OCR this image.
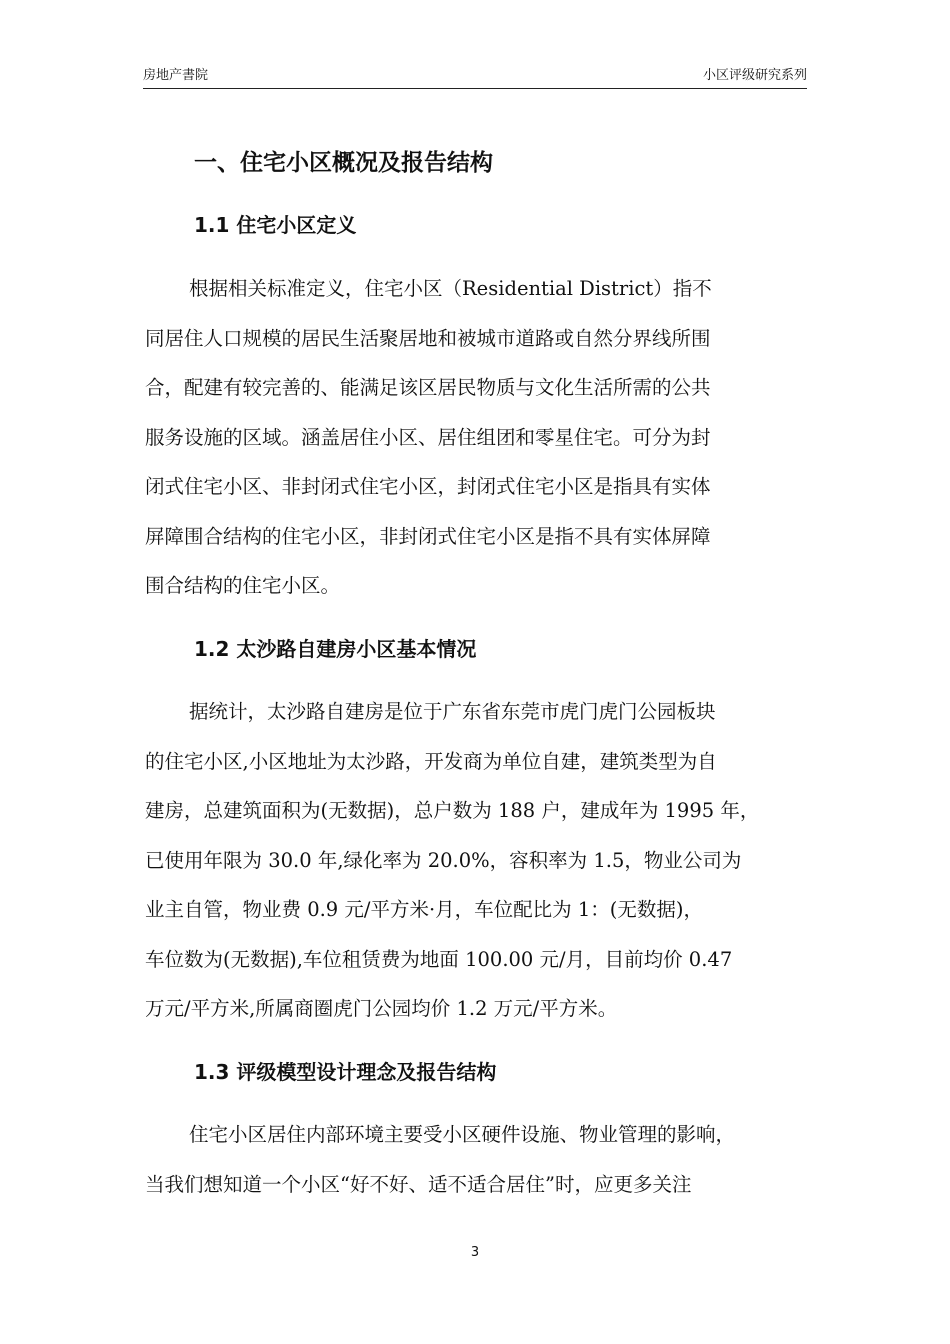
房地产書院	小区评级研究系列
一、住宅小区概况及报告结构
1.1 住宅小区定义
根据相关标准定义，住宅小区（Residential District）指不
同居住人口规模的居民生活聚居地和被城市道路或自然分界线所围
合，配建有较完善的、能满足该区居民物质与文化生活所需的公共
服务设施的区域。涵盖居住小区、居住组团和零星住宅。可分为封
闭式住宅小区、非封闭式住宅小区，封闭式住宅小区是指具有实体
屏障围合结构的住宅小区，非封闭式住宅小区是指不具有实体屏障
围合结构的住宅小区。
1.2 太沙路自建房小区基本情况
据统计，太沙路自建房是位于广东省东莞市虎门虎门公园板块
的住宅小区,小区地址为太沙路，开发商为单位自建，建筑类型为自
建房，总建筑面积为(无数据)，总户数为 188 户，建成年为 1995 年，
已使用年限为 30.0 年,绿化率为 20.0%，容积率为 1.5，物业公司为
业主自管，物业费 0.9 元/平方米·月，车位配比为 1：(无数据)，
车位数为(无数据),车位租赁费为地面 100.00 元/月，目前均价 0.47
万元/平方米,所属商圈虎门公园均价 1.2 万元/平方米。
1.3 评级模型设计理念及报告结构
住宅小区居住内部环境主要受小区硬件设施、物业管理的影响，
当我们想知道一个小区“好不好、适不适合居住”时，应更多关注
3
